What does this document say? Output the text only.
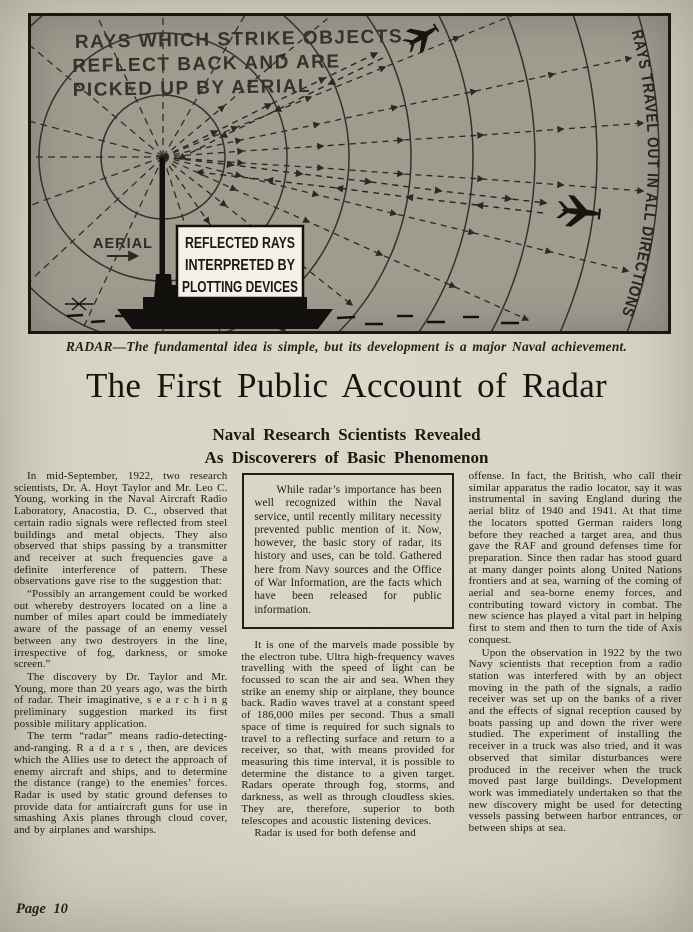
REFLECTED RAYS
INTERPRETED BY
PLOTTING DEVICES
AERIAL
RAYS WHICH STRIKE OBJECTS
REFLECT BACK AND ARE
PICKED UP BY AERIAL
RAYS TRAVEL OUT IN ALL DIRECTIONS
RADAR—The fundamental idea is simple, but its development is a major Naval achievement.
The First Public Account of Radar
Naval Research Scientists Revealed
As Discoverers of Basic Phenomenon

In mid-September, 1922, two research scientists, Dr. A. Hoyt Taylor and Mr. Leo C. Young, working in the Naval Aircraft Radio Laboratory, Anacostia, D. C., observed that certain radio signals were reflected from steel buildings and metal objects. They also observed that ships passing by a transmitter and receiver at such frequencies gave a definite interference of pattern. These observations gave rise to the suggestion that:

“Possibly an arrangement could be worked out whereby destroyers located on a line a number of miles apart could be immediately aware of the passage of an enemy vessel between any two destroyers in the line, irrespective of fog, darkness, or smoke screen.”

The discovery by Dr. Taylor and Mr. Young, more than 20 years ago, was the birth of radar. Their imaginative, s e a r c h i n g preliminary suggestion marked its first possible military application.

The term “radar” means radio-detecting-and-ranging. R a d a r s , then, are devices which the Allies use to detect the approach of enemy aircraft and ships, and to determine the distance (range) to the enemies’ forces. Radar is used by static ground defenses to provide data for antiaircraft guns for use in smashing Axis planes through cloud cover, and by airplanes and warships.

While radar’s importance has been well recognized within the Naval service, until recently military necessity prevented public mention of it. Now, however, the basic story of radar, its history and uses, can be told. Gathered here from Navy sources and the Office of War Information, are the facts which have been released for public information.

It is one of the marvels made possible by the electron tube. Ultra high-frequency waves travelling with the speed of light can be focussed to scan the air and sea. When they strike an enemy ship or airplane, they bounce back. Radio waves travel at a constant speed of 186,000 miles per second. Thus a small space of time is required for such signals to travel to a reflecting surface and return to a receiver, so that, with means provided for measuring this time interval, it is possible to determine the distance to a given target. Radars operate through fog, storms, and darkness, as well as through cloudless skies. They are, therefore, superior to both telescopes and acoustic listening devices.

Radar is used for both defense and

offense. In fact, the British, who call their similar apparatus the radio locator, say it was instrumental in saving England during the aerial blitz of 1940 and 1941. At that time the locators spotted German raiders long before they reached a target area, and thus gave the RAF and ground defenses time for preparation. Since then radar has stood guard at many danger points along United Nations frontiers and at sea, warning of the coming of aerial and sea-borne enemy forces, and contributing toward victory in combat. The new science has played a vital part in helping first to stem and then to turn the tide of Axis conquest.

Upon the observation in 1922 by the two Navy scientists that reception from a radio station was interfered with by an object moving in the path of the signals, a radio receiver was set up on the banks of a river and the effects of signal reception caused by boats passing up and down the river were studied. The experiment of installing the receiver in a truck was also tried, and it was observed that similar disturbances were produced in the receiver when the truck moved past large buildings. Development work was immediately undertaken so that the new discovery might be used for detecting vessels passing between harbor entrances, or between ships at sea.

Page 10
